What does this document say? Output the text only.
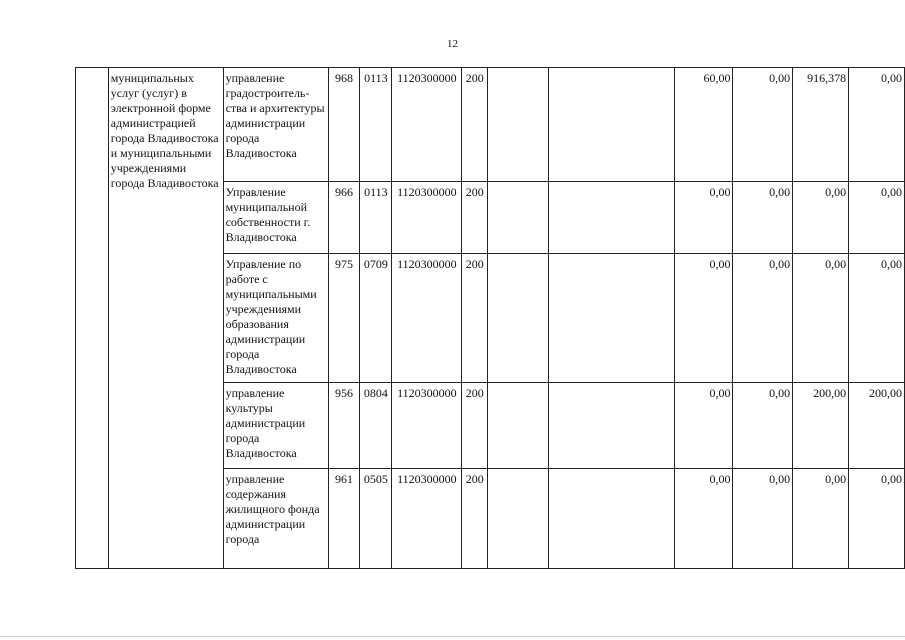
12
	муниципальных услуг (услуг) в электронной форме администрацией города Владивостока и муниципальными учреждениями города Владивостока	управление градостроитель-ства и архитектуры администрации города Владивостока	968	0113	1120300000	200			60,00	0,00	916,378	0,00
		Управление муниципальной собственности г. Владивостока	966	0113	1120300000	200			0,00	0,00	0,00	0,00
		Управление по работе с муниципальными учреждениями образования администрации города Владивостока	975	0709	1120300000	200			0,00	0,00	0,00	0,00
		управление культуры администрации города Владивостока	956	0804	1120300000	200			0,00	0,00	200,00	200,00
		управление содержания жилищного фонда администрации города	961	0505	1120300000	200			0,00	0,00	0,00	0,00
